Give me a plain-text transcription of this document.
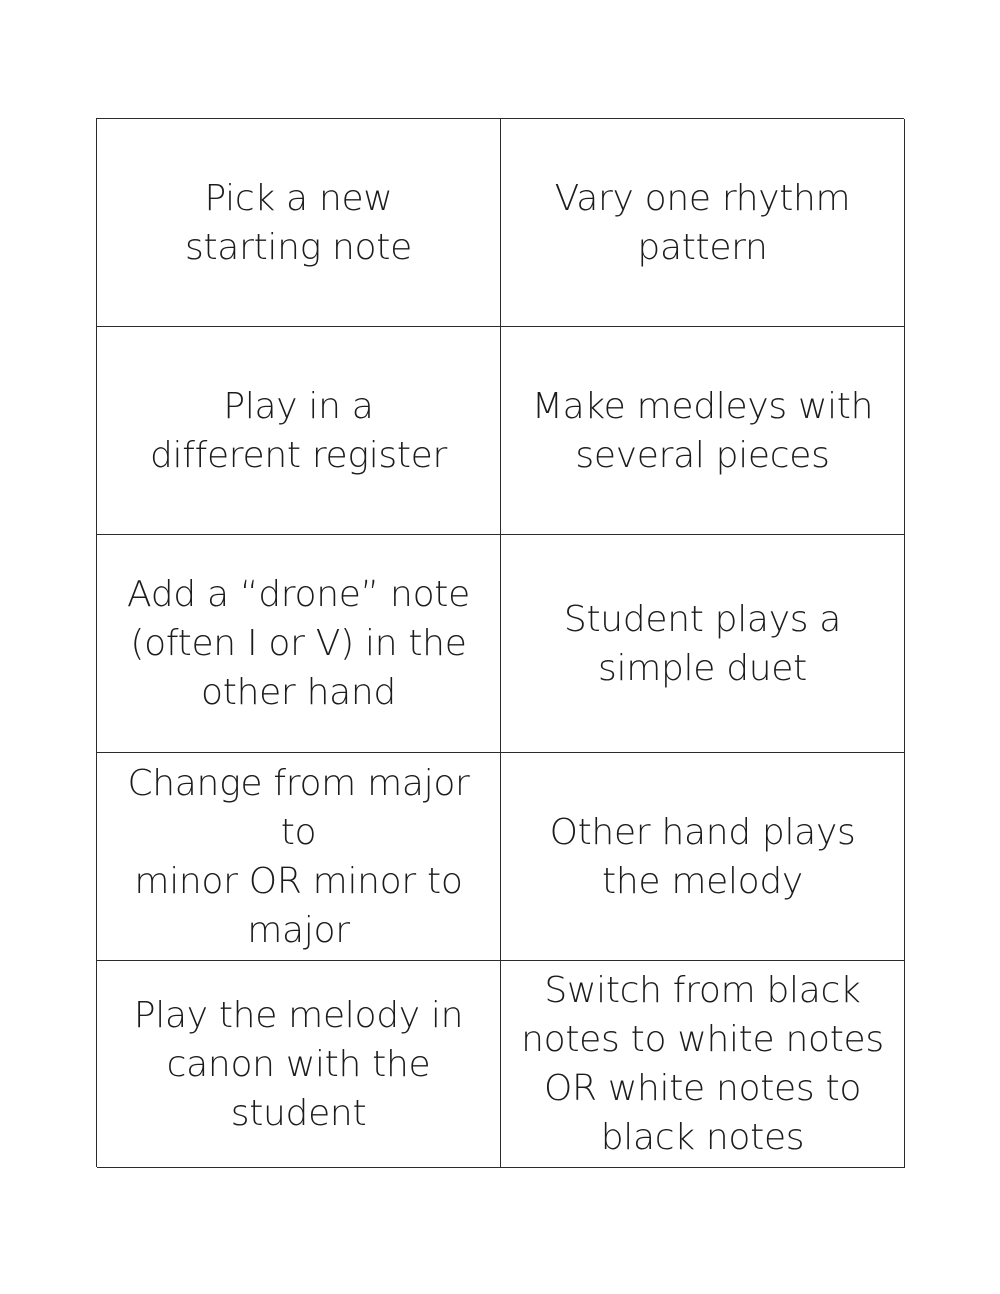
Pick a new
starting note
Vary one rhythm
pattern
Play in a
different register
Make medleys with
several pieces
Add a “drone” note
(often I or V) in the
other hand
Student plays a
simple duet
Change from major to
minor OR minor to
major
Other hand plays
the melody
Play the melody in
canon with the student
Switch from black
notes to white notes
OR white notes to
black notes
